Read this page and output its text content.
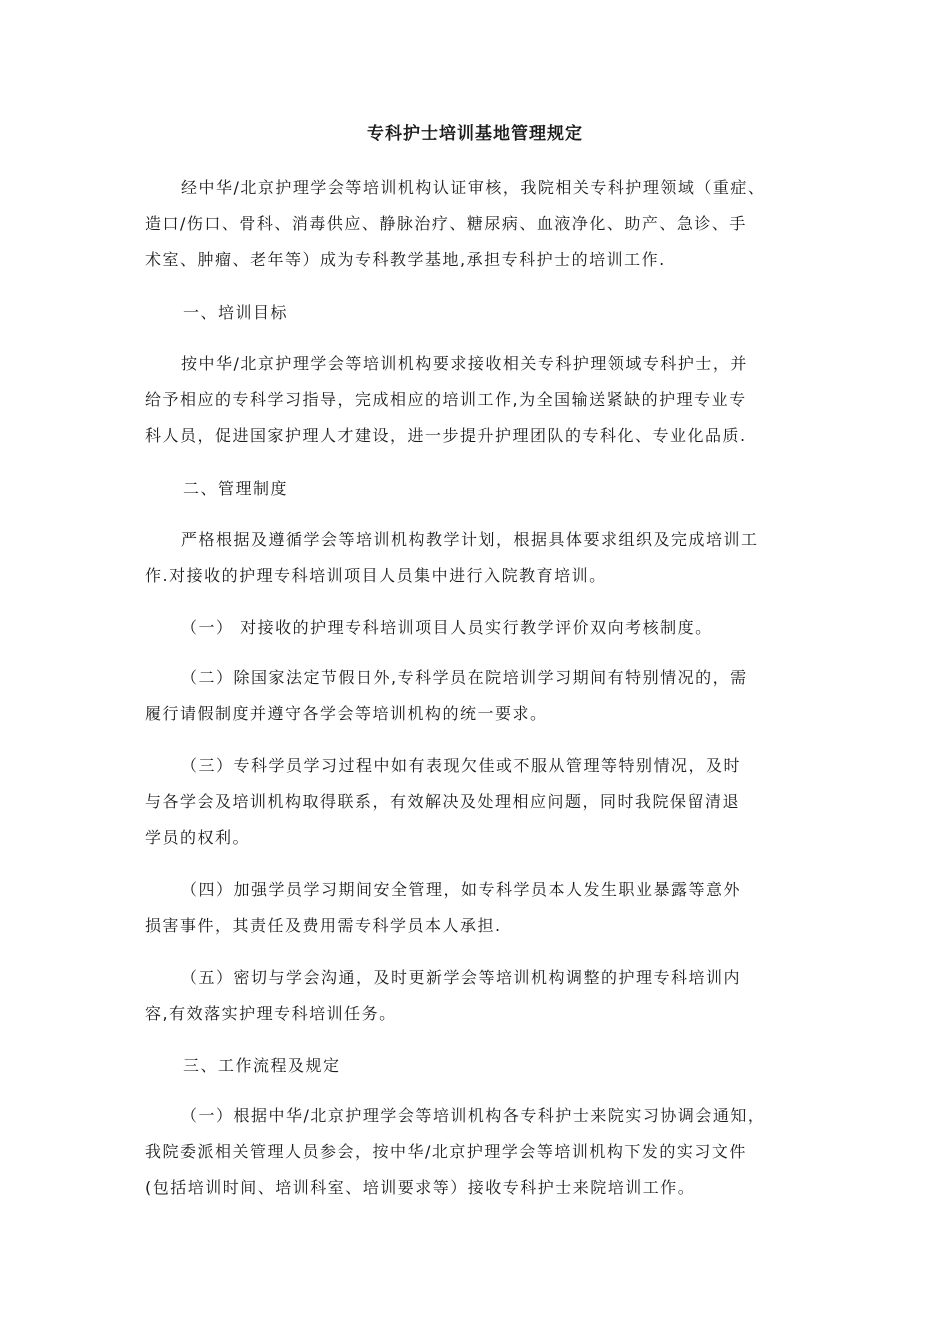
专科护士培训基地管理规定
经中华/北京护理学会等培训机构认证审核，我院相关专科护理领域（重症、
造口/伤口、骨科、消毒供应、静脉治疗、糖尿病、血液净化、助产、急诊、手
术室、肿瘤、老年等）成为专科教学基地,承担专科护士的培训工作.
一、培训目标
按中华/北京护理学会等培训机构要求接收相关专科护理领域专科护士，并
给予相应的专科学习指导，完成相应的培训工作,为全国输送紧缺的护理专业专
科人员，促进国家护理人才建设，进一步提升护理团队的专科化、专业化品质.
二、管理制度
严格根据及遵循学会等培训机构教学计划，根据具体要求组织及完成培训工
作.对接收的护理专科培训项目人员集中进行入院教育培训。
（一） 对接收的护理专科培训项目人员实行教学评价双向考核制度。
（二）除国家法定节假日外,专科学员在院培训学习期间有特别情况的，需
履行请假制度并遵守各学会等培训机构的统一要求。
（三）专科学员学习过程中如有表现欠佳或不服从管理等特别情况，及时
与各学会及培训机构取得联系，有效解决及处理相应问题，同时我院保留清退
学员的权利。
（四）加强学员学习期间安全管理，如专科学员本人发生职业暴露等意外
损害事件，其责任及费用需专科学员本人承担.
（五）密切与学会沟通，及时更新学会等培训机构调整的护理专科培训内
容,有效落实护理专科培训任务。
三、工作流程及规定
（一）根据中华/北京护理学会等培训机构各专科护士来院实习协调会通知，
我院委派相关管理人员参会，按中华/北京护理学会等培训机构下发的实习文件
(包括培训时间、培训科室、培训要求等）接收专科护士来院培训工作。
